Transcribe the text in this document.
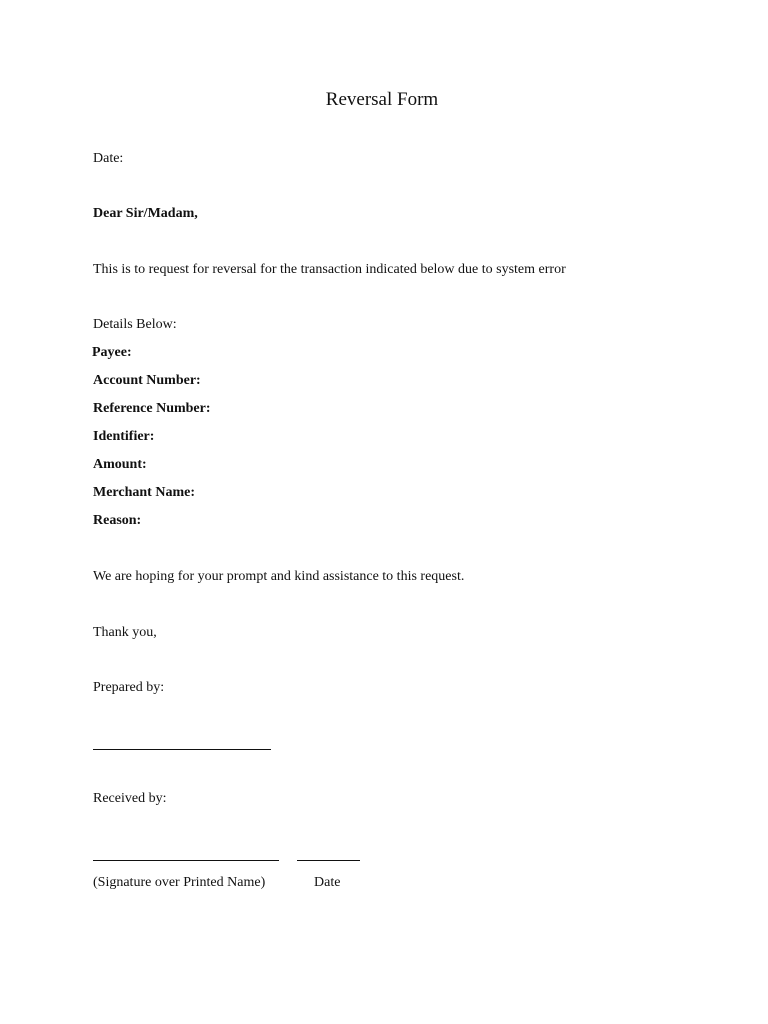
Reversal Form
Date:
Dear Sir/Madam,
This is to request for reversal for the transaction indicated below due to system error
Details Below:
Payee:
Account Number:
Reference Number:
Identifier:
Amount:
Merchant Name:
Reason:
We are hoping for your prompt and kind assistance to this request.
Thank you,
Prepared by:
Received by:
(Signature over Printed Name)	Date
